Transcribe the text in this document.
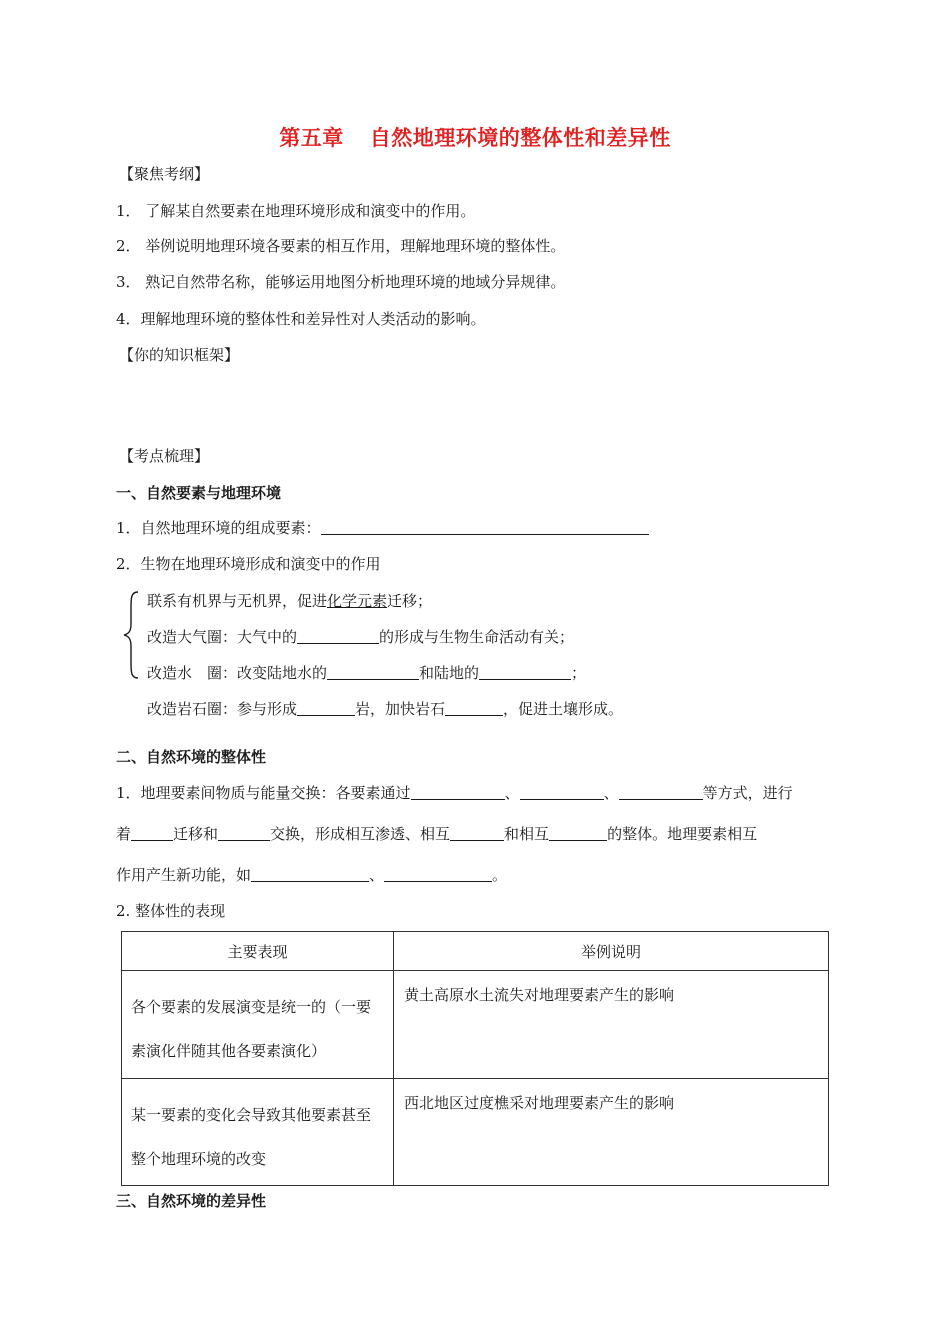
第五章 自然地理环境的整体性和差异性
【聚焦考纲】
1． 了解某自然要素在地理环境形成和演变中的作用。
2． 举例说明地理环境各要素的相互作用，理解地理环境的整体性。
3． 熟记自然带名称，能够运用地图分析地理环境的地域分异规律。
4．理解地理环境的整体性和差异性对人类活动的影响。
【你的知识框架】
【考点梳理】
一、自然要素与地理环境
1．自然地理环境的组成要素：
2．生物在地理环境形成和演变中的作用
联系有机界与无机界，促进化学元素迁移；
改造大气圈：大气中的	的形成与生物生命活动有关；
改造水　圈：改变陆地水的	和陆地的	；
改造岩石圈：参与形成	岩，加快岩石	，促进土壤形成。
二、自然环境的整体性
1．地理要素间物质与能量交换：各要素通过	、	、	等方式，进行
着	迁移和	交换，形成相互渗透、相互	和相互	的整体。地理要素相互
作用产生新功能，如	、	。
2. 整体性的表现
主要表现	举例说明
各个要素的发展演变是统一的（一要素演化伴随其他各要素演化）	黄土高原水土流失对地理要素产生的影响
某一要素的变化会导致其他要素甚至整个地理环境的改变	西北地区过度樵采对地理要素产生的影响
三、自然环境的差异性
